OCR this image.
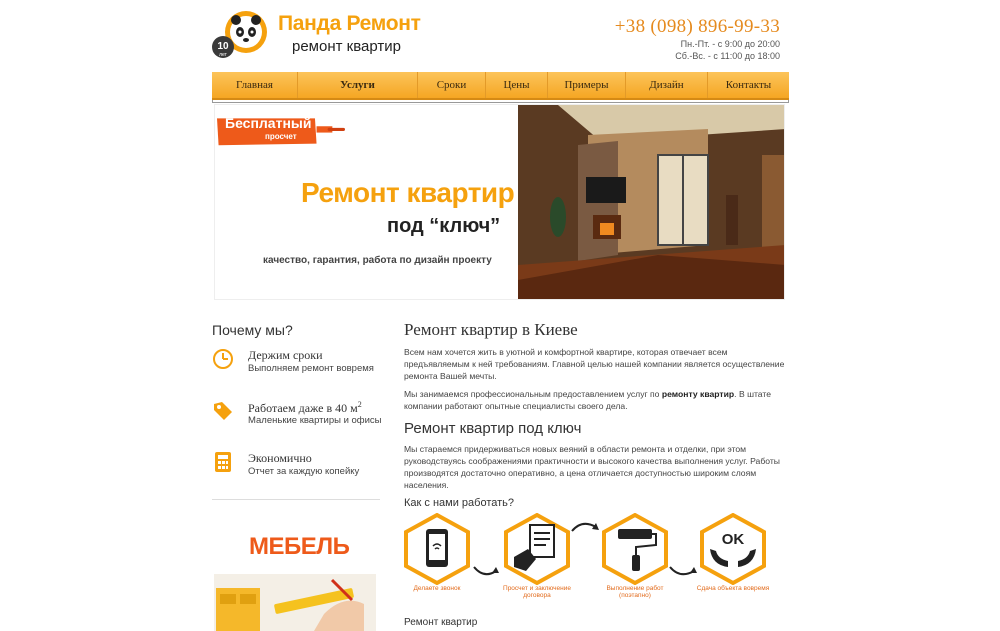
10
лет
Панда Ремонт
ремонт квартир
+38 (098) 896-99-33
Пн.-Пт. - с 9:00 до 20:00
Сб.-Вс. - с 11:00 до 18:00
Главная	Услуги	Сроки	Цены	Примеры	Дизайн	Контакты
Бесплатный
просчет
Ремонт квартир
под “ключ”
качество, гарантия, работа по дизайн проекту
Почему мы?
Держим сроки
Выполняем ремонт вовремя
Работаем даже в 40 $м^2$
Маленькие квартиры и офисы
Экономично
Отчет за каждую копейку
МЕБЕЛЬ
Ремонт квартир в Киеве
Всем нам хочется жить в уютной и комфортной квартире, которая отвечает всем предъявляемым к ней требованиям. Главной целью нашей компании является осуществление ремонта Вашей мечты.
Мы занимаемся профессиональным предоставлением услуг по ремонту квартир. В штате компании работают опытные специалисты своего дела.
Ремонт квартир под ключ
Мы стараемся придерживаться новых веяний в области ремонта и отделки, при этом руководствуясь соображениями практичности и высокого качества выполнения услуг. Работы производятся достаточно оперативно, а цена отличается доступностью широким слоям населения.
Как с нами работать?
Делаете звонок	Просчет и заключение договора
Выполнение работ (поэтапно)
OK
Сдача объекта вовремя
Ремонт квартир
